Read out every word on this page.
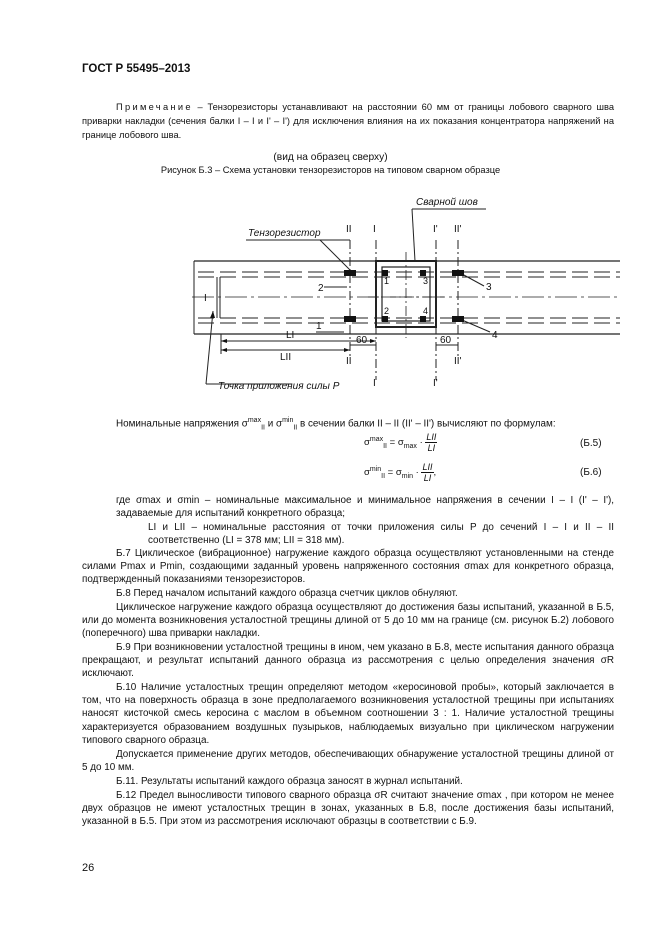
ГОСТ Р 55495–2013
Примечание – Тензорезисторы устанавливают на расстоянии 60 мм от границы лобового сварного шва приварки накладки (сечения балки I – I и I' – I') для исключения влияния на их показания концентратора напряжений на границе лобового шва.
(вид на образец сверху)
Рисунок Б.3 – Схема установки тензорезисторов на типовом сварном образце
Сварной шов
Тензорезистор
Точка приложения силы P
II I	I' II'
II
I	I'
II'
1
2	3
4
1
2
3
4
I
LI
LII
60	60
Номинальные напряжения $\sigma^{max}_{II}$ и $\sigma^{min}_{II}$ в сечении балки II – II (II' – II') вычисляют по формулам:
$\sigma^{max}_{II} = \sigma_{max} \cdot \frac{\text{LII}}{LI}$	(Б.5)
$\sigma^{min}_{II} = \sigma_{min} \cdot \frac{\text{LII}}{LI}$ ,	(Б.6)
где σmax и σmin – номинальные максимальное и минимальное напряжения в сечении I – I (I' – I'), задаваемые для испытаний конкретного образца;
LI и LII – номинальные расстояния от точки приложения силы P до сечений I – I и II – II соответственно (LI = 378 мм; LII = 318 мм).
Б.7 Циклическое (вибрационное) нагружение каждого образца осуществляют установленными на стенде силами Pmax и Pmin, создающими заданный уровень напряженного состояния σmax для конкретного образца, подтвержденный показаниями тензорезисторов.
Б.8 Перед началом испытаний каждого образца счетчик циклов обнуляют.
Циклическое нагружение каждого образца осуществляют до достижения базы испытаний, указанной в Б.5, или до момента возникновения усталостной трещины длиной от 5 до 10 мм на границе (см. рисунок Б.2) лобового (поперечного) шва приварки накладки.
Б.9 При возникновении усталостной трещины в ином, чем указано в Б.8, месте испытания данного образца прекращают, и результат испытаний данного образца из рассмотрения с целью определения значения σR исключают.
Б.10 Наличие усталостных трещин определяют методом «керосиновой пробы», который заключается в том, что на поверхность образца в зоне предполагаемого возникновения усталостной трещины при испытаниях наносят кисточкой смесь керосина с маслом в объемном соотношении 3 : 1. Наличие усталостной трещины характеризуется образованием воздушных пузырьков, наблюдаемых визуально при циклическом нагружении типового сварного образца.
Допускается применение других методов, обеспечивающих обнаружение усталостной трещины длиной от 5 до 10 мм.
Б.11. Результаты испытаний каждого образца заносят в журнал испытаний.
Б.12 Предел выносливости типового сварного образца σR считают значение σmax , при котором не менее двух образцов не имеют усталостных трещин в зонах, указанных в Б.8, после достижения базы испытаний, указанной в Б.5. При этом из рассмотрения исключают образцы в соответствии с Б.9.
26
